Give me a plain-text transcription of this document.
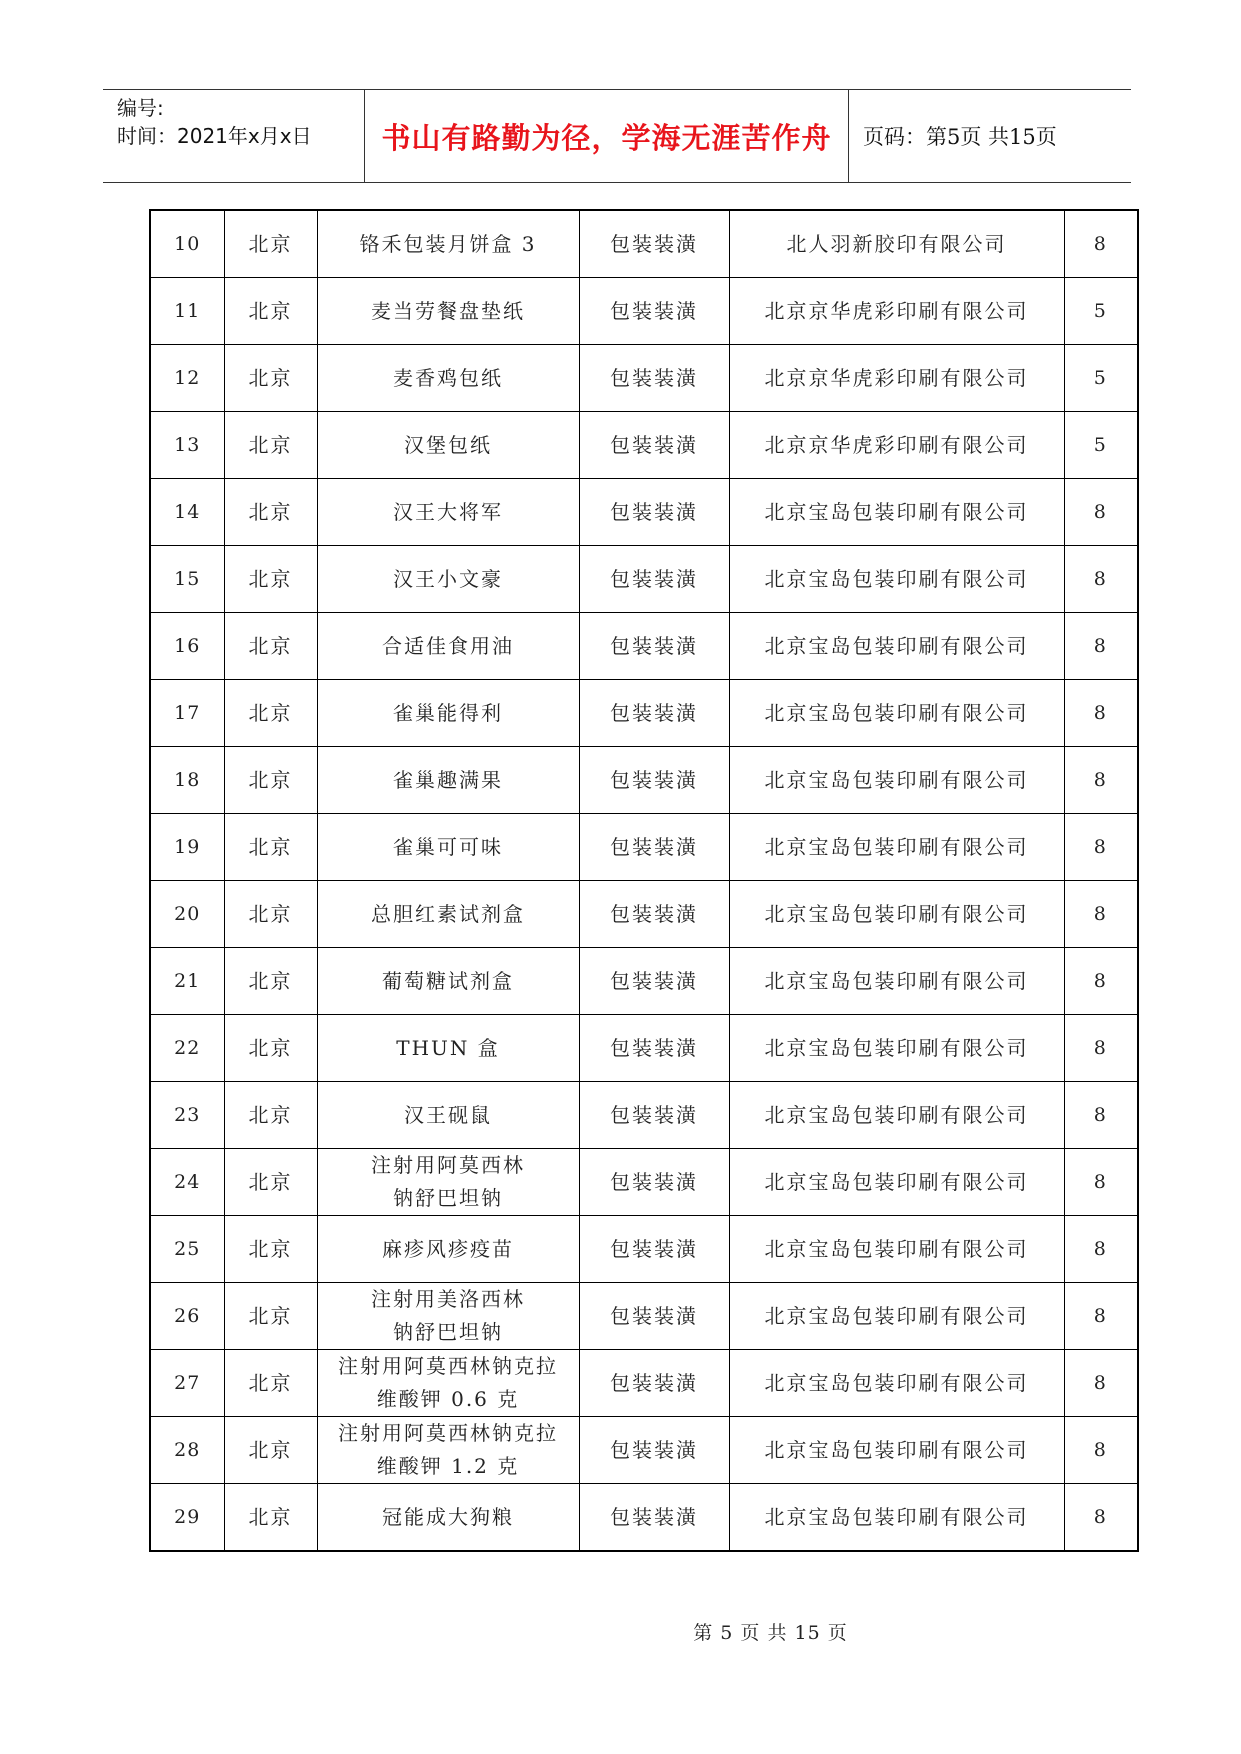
编号:
时间：2021年x月x日	书山有路勤为径，学海无涯苦作舟	页码：第5页 共15页
10	北京	铬禾包装月饼盒 3	包装装潢	北人羽新胶印有限公司	8
11	北京	麦当劳餐盘垫纸	包装装潢	北京京华虎彩印刷有限公司	5
12	北京	麦香鸡包纸	包装装潢	北京京华虎彩印刷有限公司	5
13	北京	汉堡包纸	包装装潢	北京京华虎彩印刷有限公司	5
14	北京	汉王大将军	包装装潢	北京宝岛包装印刷有限公司	8
15	北京	汉王小文豪	包装装潢	北京宝岛包装印刷有限公司	8
16	北京	合适佳食用油	包装装潢	北京宝岛包装印刷有限公司	8
17	北京	雀巢能得利	包装装潢	北京宝岛包装印刷有限公司	8
18	北京	雀巢趣满果	包装装潢	北京宝岛包装印刷有限公司	8
19	北京	雀巢可可味	包装装潢	北京宝岛包装印刷有限公司	8
20	北京	总胆红素试剂盒	包装装潢	北京宝岛包装印刷有限公司	8
21	北京	葡萄糖试剂盒	包装装潢	北京宝岛包装印刷有限公司	8
22	北京	THUN 盒	包装装潢	北京宝岛包装印刷有限公司	8
23	北京	汉王砚鼠	包装装潢	北京宝岛包装印刷有限公司	8
24	北京	注射用阿莫西林
钠舒巴坦钠	包装装潢	北京宝岛包装印刷有限公司	8
25	北京	麻疹风疹疫苗	包装装潢	北京宝岛包装印刷有限公司	8
26	北京	注射用美洛西林
钠舒巴坦钠	包装装潢	北京宝岛包装印刷有限公司	8
27	北京	注射用阿莫西林钠克拉
维酸钾 0.6 克	包装装潢	北京宝岛包装印刷有限公司	8
28	北京	注射用阿莫西林钠克拉
维酸钾 1.2 克	包装装潢	北京宝岛包装印刷有限公司	8
29	北京	冠能成大狗粮	包装装潢	北京宝岛包装印刷有限公司	8
第 5 页 共 15 页
